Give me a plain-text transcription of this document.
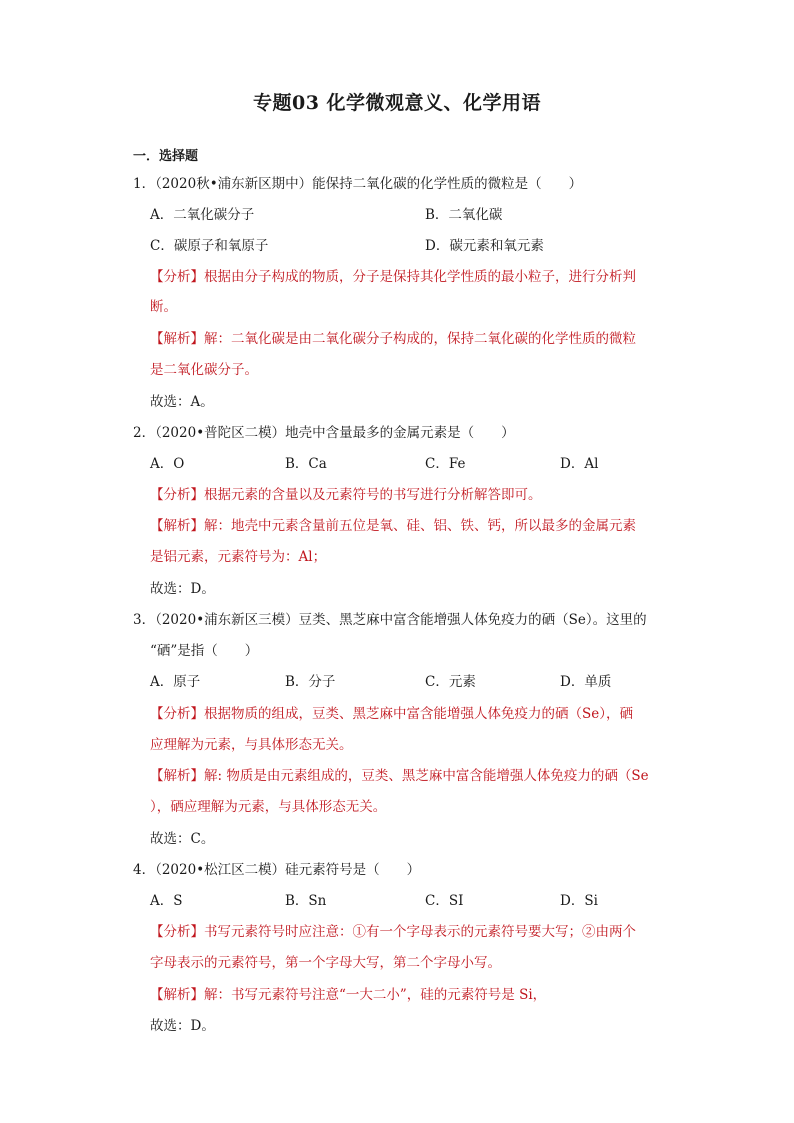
专题03 化学微观意义、化学用语
一．选择题
1．（2020秋•浦东新区期中）能保持二氧化碳的化学性质的微粒是（　　）
A．二氧化碳分子	B．二氧化碳
C．碳原子和氧原子	D．碳元素和氧元素
【分析】根据由分子构成的物质，分子是保持其化学性质的最小粒子，进行分析判
断。
【解析】解：二氧化碳是由二氧化碳分子构成的，保持二氧化碳的化学性质的微粒
是二氧化碳分子。
故选：A。
2．（2020•普陀区二模）地壳中含量最多的金属元素是（　　）
A．O	B．Ca	C．Fe	D．Al
【分析】根据元素的含量以及元素符号的书写进行分析解答即可。
【解析】解：地壳中元素含量前五位是氧、硅、铝、铁、钙，所以最多的金属元素
是铝元素，元素符号为：Al；
故选：D。
3．（2020•浦东新区三模）豆类、黑芝麻中富含能增强人体免疫力的硒（Se）。这里的
“硒”是指（　　）
A．原子	B．分子	C．元素	D．单质
【分析】根据物质的组成，豆类、黑芝麻中富含能增强人体免疫力的硒（Se），硒
应理解为元素，与具体形态无关。
【解析】解: 物质是由元素组成的，豆类、黑芝麻中富含能增强人体免疫力的硒（Se
），硒应理解为元素，与具体形态无关。
故选：C。
4．（2020•松江区二模）硅元素符号是（　　）
A．S	B．Sn	C．SI	D．Si
【分析】书写元素符号时应注意：①有一个字母表示的元素符号要大写；②由两个
字母表示的元素符号，第一个字母大写，第二个字母小写。
【解析】解：书写元素符号注意“一大二小”，硅的元素符号是 Si，
故选：D。
